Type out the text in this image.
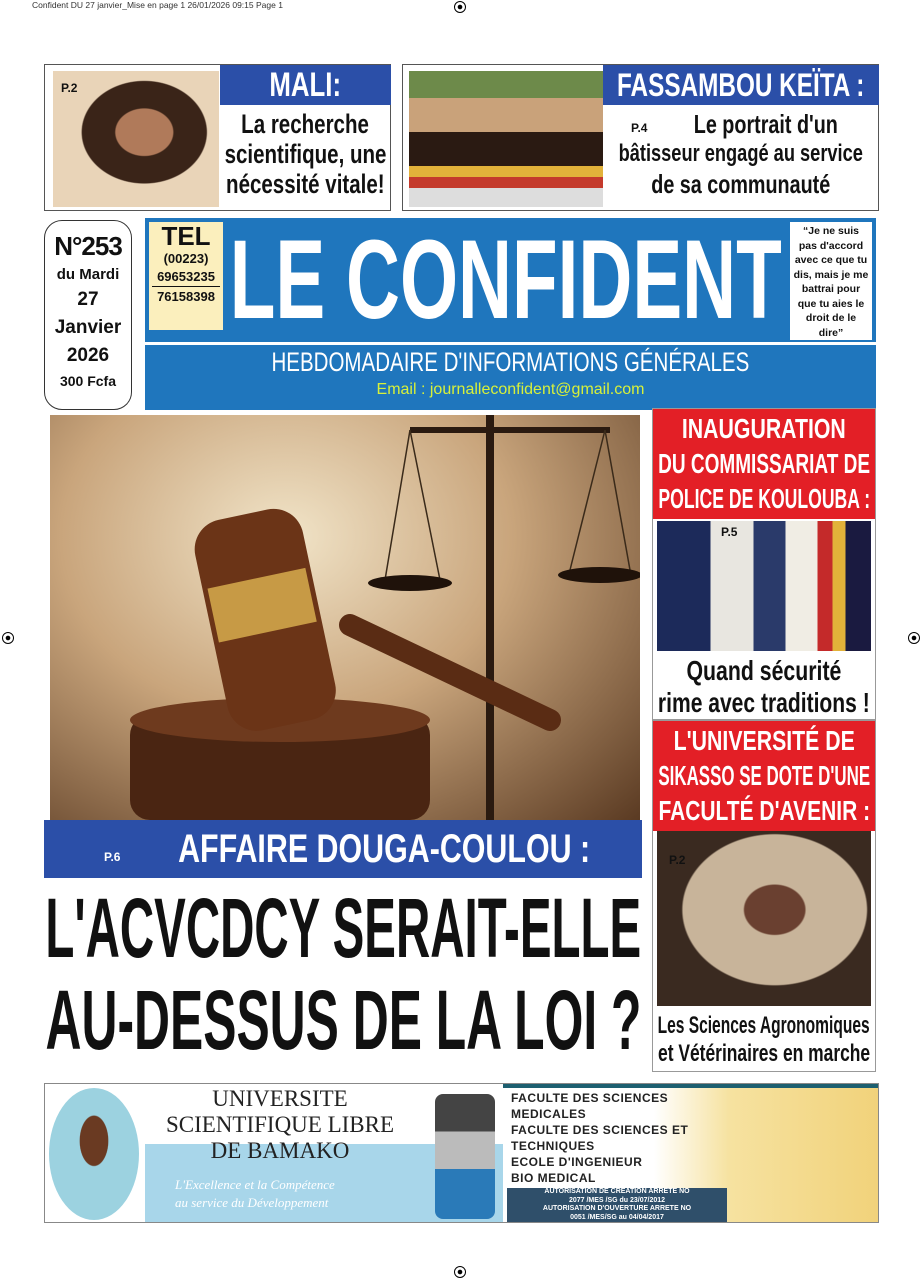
Confident DU 27 janvier_Mise en page 1 26/01/2026 09:15 Page 1
P.2	MALI:
La recherche
scientifique, une
nécessité vitale!
FASSAMBOU KEÏTA :
P.4	Le portrait d'un
bâtisseur engagé au service
de sa communauté
N°253
du Mardi
27
Janvier
2026
300 Fcfa
TEL
(00223)
69653235
76158398 LE CONFIDENT	“Je ne suis pas d'accord avec ce que tu dis, mais je me battrai pour que tu aies le droit de le dire”
HEBDOMADAIRE D'INFORMATIONS GÉNÉRALES
Email : journalleconfident@gmail.com
P.6	AFFAIRE DOUGA-COULOU :
L'ACVCDCY SERAIT-ELLE
AU-DESSUS DE LA LOI ?
INAUGURATION
DU COMMISSARIAT DE
POLICE DE KOULOUBA :
P.5
Quand sécurité
rime avec traditions !
L'UNIVERSITÉ DE
SIKASSO SE DOTE D'UNE
FACULTÉ D'AVENIR :
P.2
Les Sciences Agronomiques
et Vétérinaires en marche
UNIVERSITE
SCIENTIFIQUE LIBRE
DE BAMAKO
L'Excellence et la Compétence
au service du Développement
FACULTE DES SCIENCES
MEDICALES
FACULTE DES SCIENCES ET
TECHNIQUES
ECOLE D'INGENIEUR
BIO MEDICAL
AUTORISATION DE CREATION ARRETE NO
2077 /MES /SG du 23/07/2012
AUTORISATION D'OUVERTURE ARRETE NO
0051 /MES/SG au 04/04/2017
